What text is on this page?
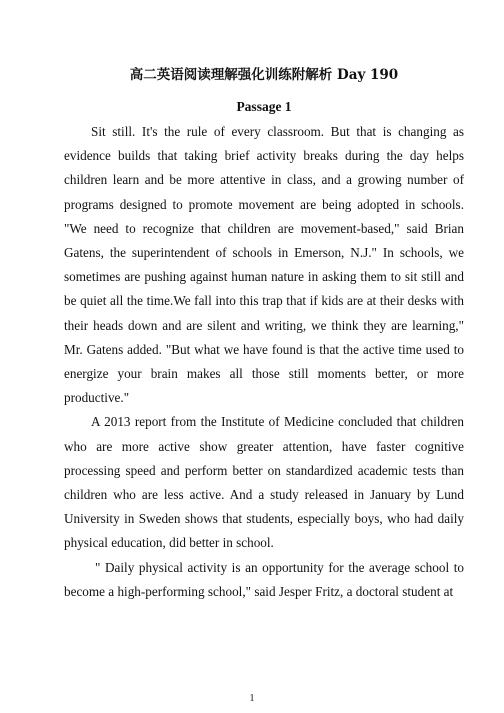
高二英语阅读理解强化训练附解析 Day 190
Passage 1

Sit still. It's the rule of every classroom. But that is changing as evidence builds that taking brief activity breaks during the day helps children learn and be more attentive in class, and a growing number of programs designed to promote movement are being adopted in schools. "We need to recognize that children are movement-based," said Brian Gatens, the superintendent of schools in Emerson, N.J." In schools, we sometimes are pushing against human nature in asking them to sit still and be quiet all the time.We fall into this trap that if kids are at their desks with their heads down and are silent and writing, we think they are learning," Mr. Gatens added. "But what we have found is that the active time used to energize your brain makes all those still moments better, or more productive."

A 2013 report from the Institute of Medicine concluded that children who are more active show greater attention, have faster cognitive processing speed and perform better on standardized academic tests than children who are less active. And a study released in January by Lund University in Sweden shows that students, especially boys, who had daily physical education, did better in school.

" Daily physical activity is an opportunity for the average school to become a high-performing school," said Jesper Fritz, a doctoral student at

1
